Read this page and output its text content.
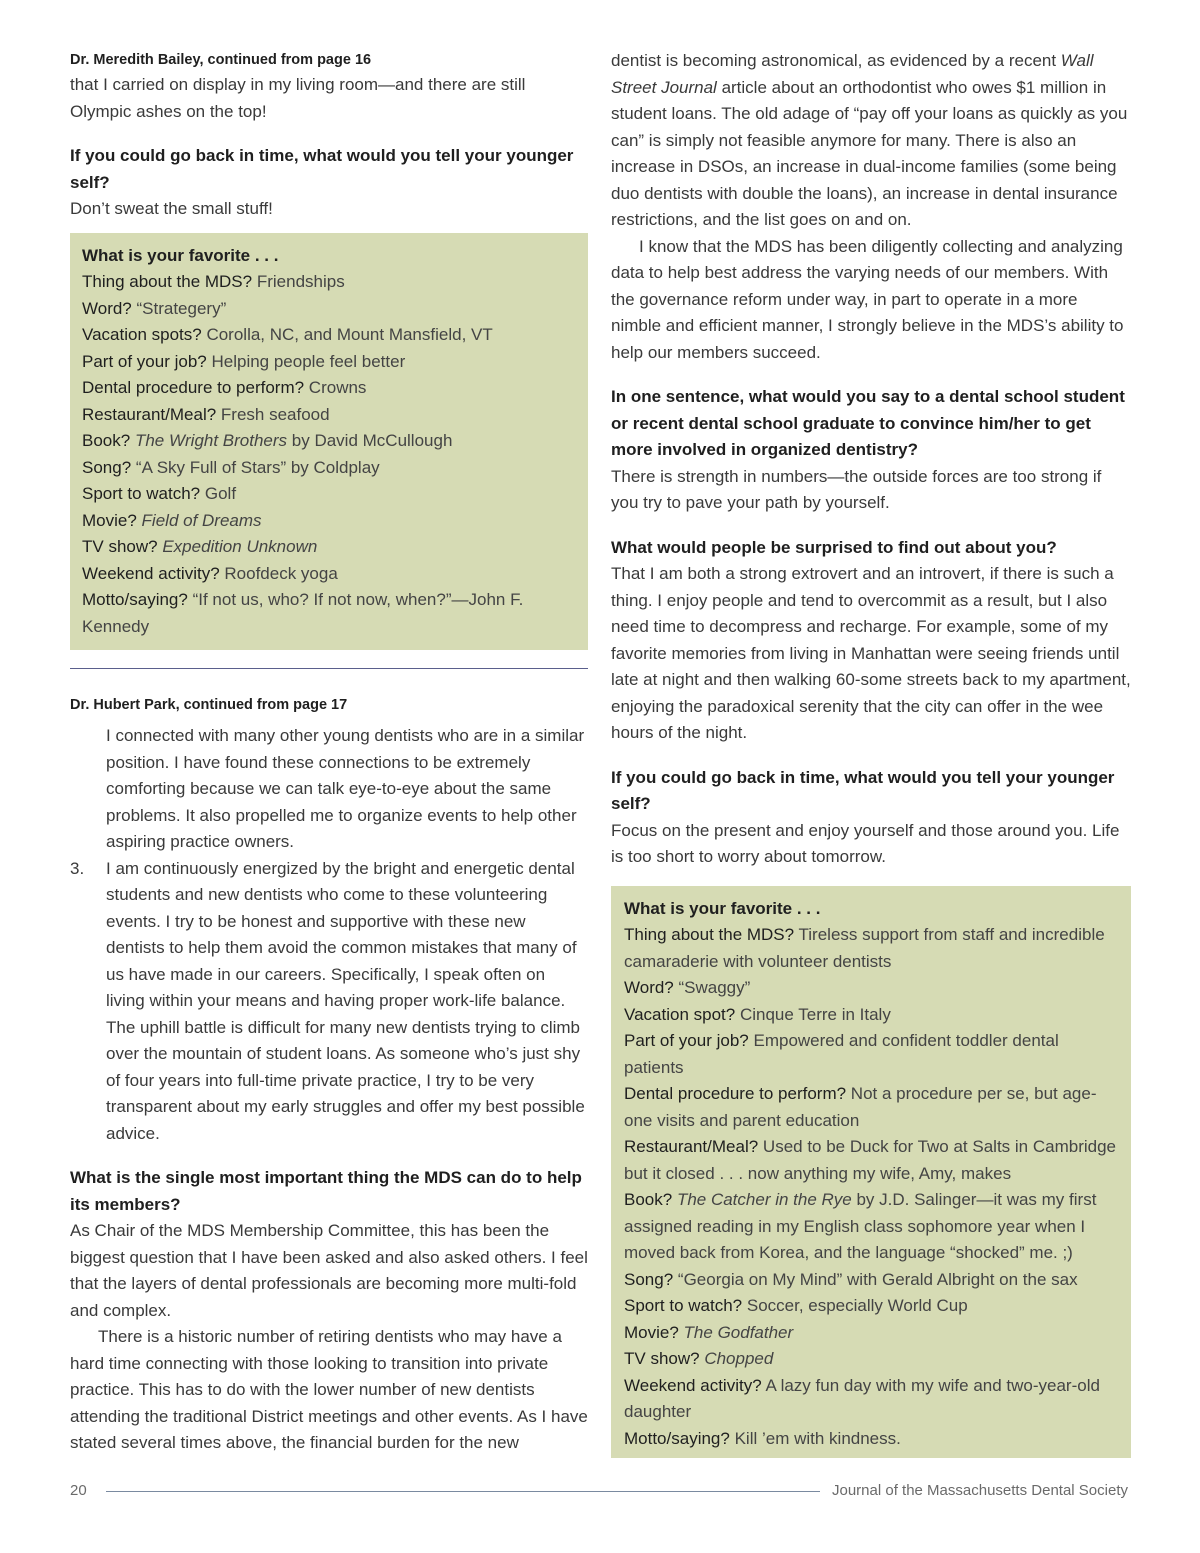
Dr. Meredith Bailey, continued from page 16

that I carried on display in my living room—and there are still Olympic ashes on the top!

If you could go back in time, what would you tell your younger self?

Don’t sweat the small stuff!

What is your favorite . . .

Thing about the MDS? Friendships

Word? “Strategery”

Vacation spots? Corolla, NC, and Mount Mansfield, VT

Part of your job? Helping people feel better

Dental procedure to perform? Crowns

Restaurant/Meal? Fresh seafood

Book? The Wright Brothers by David McCullough

Song? “A Sky Full of Stars” by Coldplay

Sport to watch? Golf

Movie? Field of Dreams

TV show? Expedition Unknown

Weekend activity? Roofdeck yoga

Motto/saying? “If not us, who? If not now, when?”—John F. Kennedy

Dr. Hubert Park, continued from page 17

I connected with many other young dentists who are in a similar position. I have found these connections to be extremely comforting because we can talk eye-to-eye about the same problems. It also propelled me to organize events to help other aspiring practice owners.
3. I am continuously energized by the bright and energetic dental students and new dentists who come to these volunteering events. I try to be honest and supportive with these new dentists to help them avoid the common mistakes that many of us have made in our careers. Specifically, I speak often on living within your means and having proper work-life balance. The uphill battle is difficult for many new dentists trying to climb over the mountain of student loans. As someone who’s just shy of four years into full-time private practice, I try to be very transparent about my early struggles and offer my best possible advice.
What is the single most important thing the MDS can do to help its members?

As Chair of the MDS Membership Committee, this has been the biggest question that I have been asked and also asked others. I feel that the layers of dental professionals are becoming more multi-fold and complex.

There is a historic number of retiring dentists who may have a hard time connecting with those looking to transition into private practice. This has to do with the lower number of new dentists attending the traditional District meetings and other events. As I have stated several times above, the financial burden for the new

dentist is becoming astronomical, as evidenced by a recent Wall Street Journal article about an orthodontist who owes $1 million in student loans. The old adage of “pay off your loans as quickly as you can” is simply not feasible anymore for many. There is also an increase in DSOs, an increase in dual-income families (some being duo dentists with double the loans), an increase in dental insurance restrictions, and the list goes on and on.

I know that the MDS has been diligently collecting and analyzing data to help best address the varying needs of our members. With the governance reform under way, in part to operate in a more nimble and efficient manner, I strongly believe in the MDS’s ability to help our members succeed.

In one sentence, what would you say to a dental school student or recent dental school graduate to convince him/her to get more involved in organized dentistry?

There is strength in numbers—the outside forces are too strong if you try to pave your path by yourself.

What would people be surprised to find out about you?

That I am both a strong extrovert and an introvert, if there is such a thing. I enjoy people and tend to overcommit as a result, but I also need time to decompress and recharge. For example, some of my favorite memories from living in Manhattan were seeing friends until late at night and then walking 60-some streets back to my apartment, enjoying the paradoxical serenity that the city can offer in the wee hours of the night.

If you could go back in time, what would you tell your younger self?

Focus on the present and enjoy yourself and those around you. Life is too short to worry about tomorrow.

What is your favorite . . .

Thing about the MDS? Tireless support from staff and incredible camaraderie with volunteer dentists

Word? “Swaggy”

Vacation spot? Cinque Terre in Italy

Part of your job? Empowered and confident toddler dental patients

Dental procedure to perform? Not a procedure per se, but age-one visits and parent education

Restaurant/Meal? Used to be Duck for Two at Salts in Cambridge but it closed . . . now anything my wife, Amy, makes

Book? The Catcher in the Rye by J.D. Salinger—it was my first assigned reading in my English class sophomore year when I moved back from Korea, and the language “shocked” me. ;)

Song? “Georgia on My Mind” with Gerald Albright on the sax

Sport to watch? Soccer, especially World Cup

Movie? The Godfather

TV show? Chopped

Weekend activity? A lazy fun day with my wife and two-year-old daughter

Motto/saying? Kill ’em with kindness.

20	Journal of the Massachusetts Dental Society
